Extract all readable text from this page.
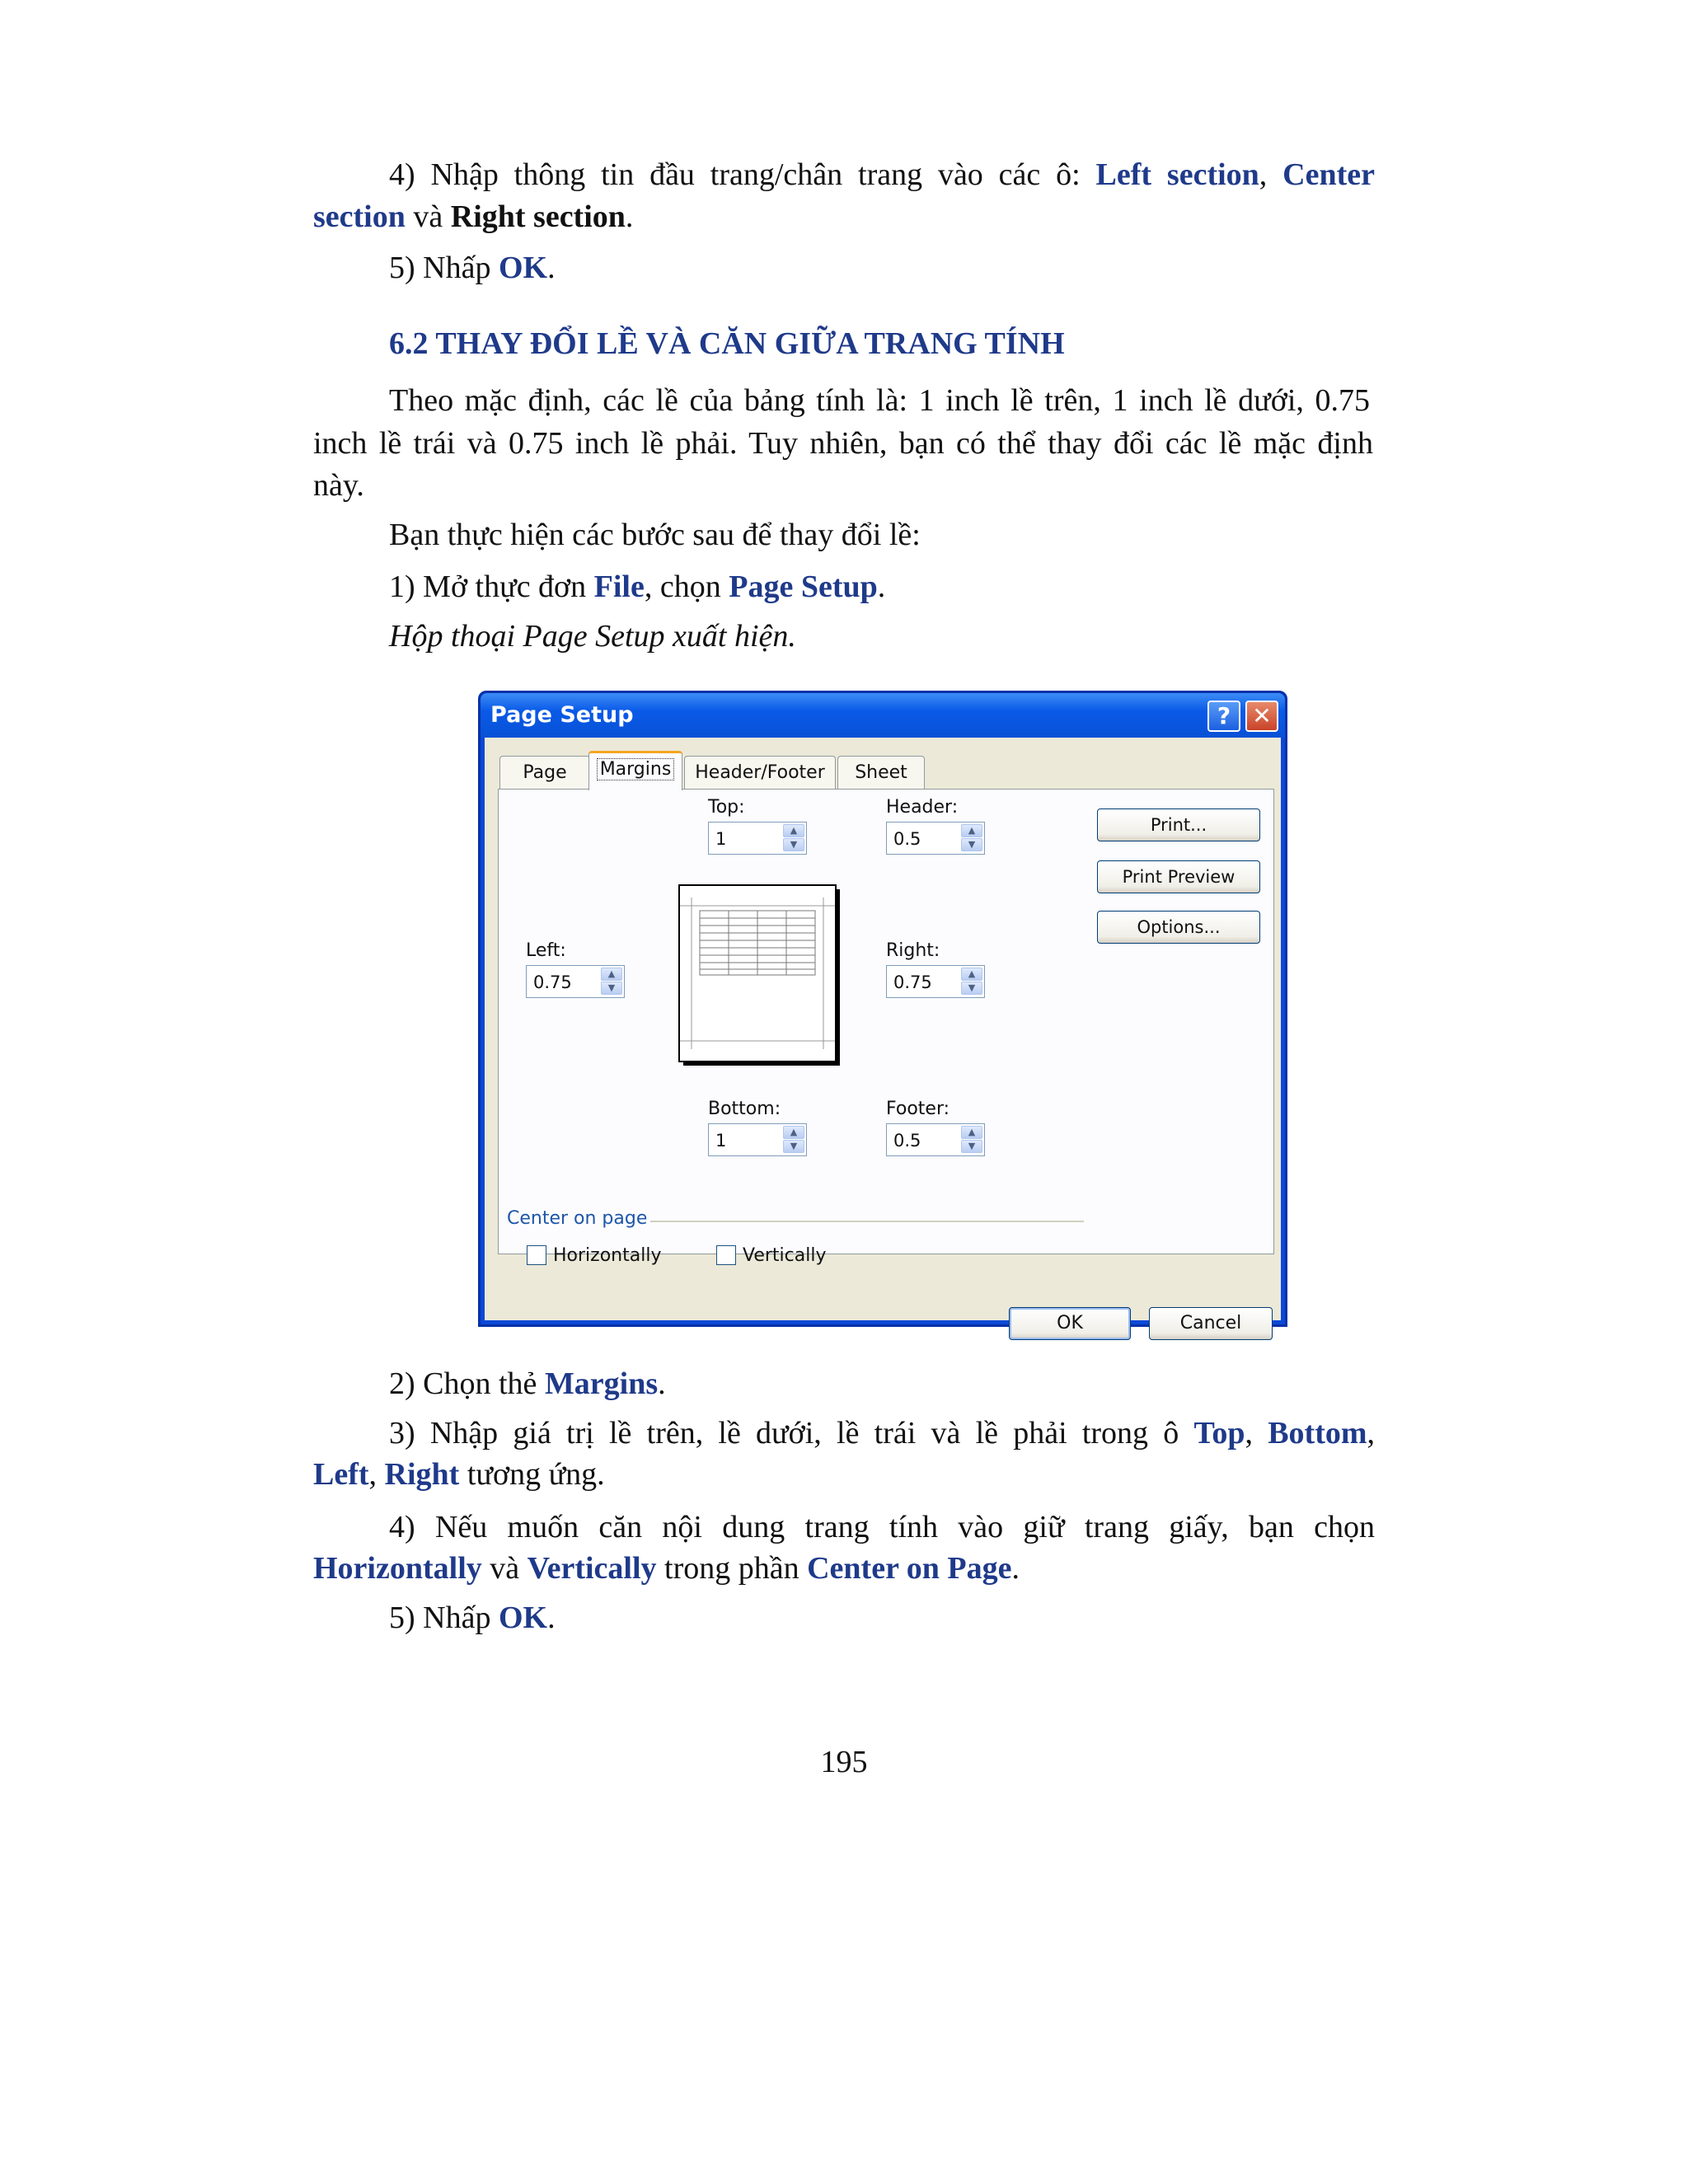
4) Nhập thông tin đầu trang/chân trang vào các ô: Left section, Center
section và Right section.
5) Nhấp OK.
6.2 THAY ĐỔI LỀ VÀ CĂN GIỮA TRANG TÍNH
Theo mặc định, các lề của bảng tính là: 1 inch lề trên, 1 inch lề dưới, 0.75
inch lề trái và 0.75 inch lề phải. Tuy nhiên, bạn có thể thay đổi các lề mặc định
này.
Bạn thực hiện các bước sau để thay đổi lề:
1) Mở thực đơn File, chọn Page Setup.
Hộp thoại Page Setup xuất hiện.
Page Setup	? ✕
Page	Margins	Header/Footer	Sheet
Top:
1	▲
▼
Header:
0.5	▲
▼
Left:
0.75	▲
▼
Right:
0.75	▲
▼
Bottom:
1	▲
▼
Footer:
0.5	▲
▼
Print...
Print Preview
Options...
Center on page
Horizontally	Vertically
OK	Cancel
2) Chọn thẻ Margins.
3) Nhập giá trị lề trên, lề dưới, lề trái và lề phải trong ô Top, Bottom,
Left, Right tương ứng.
4) Nếu muốn căn nội dung trang tính vào giữ trang giấy, bạn chọn
Horizontally và Vertically trong phần Center on Page.
5) Nhấp OK.
195
